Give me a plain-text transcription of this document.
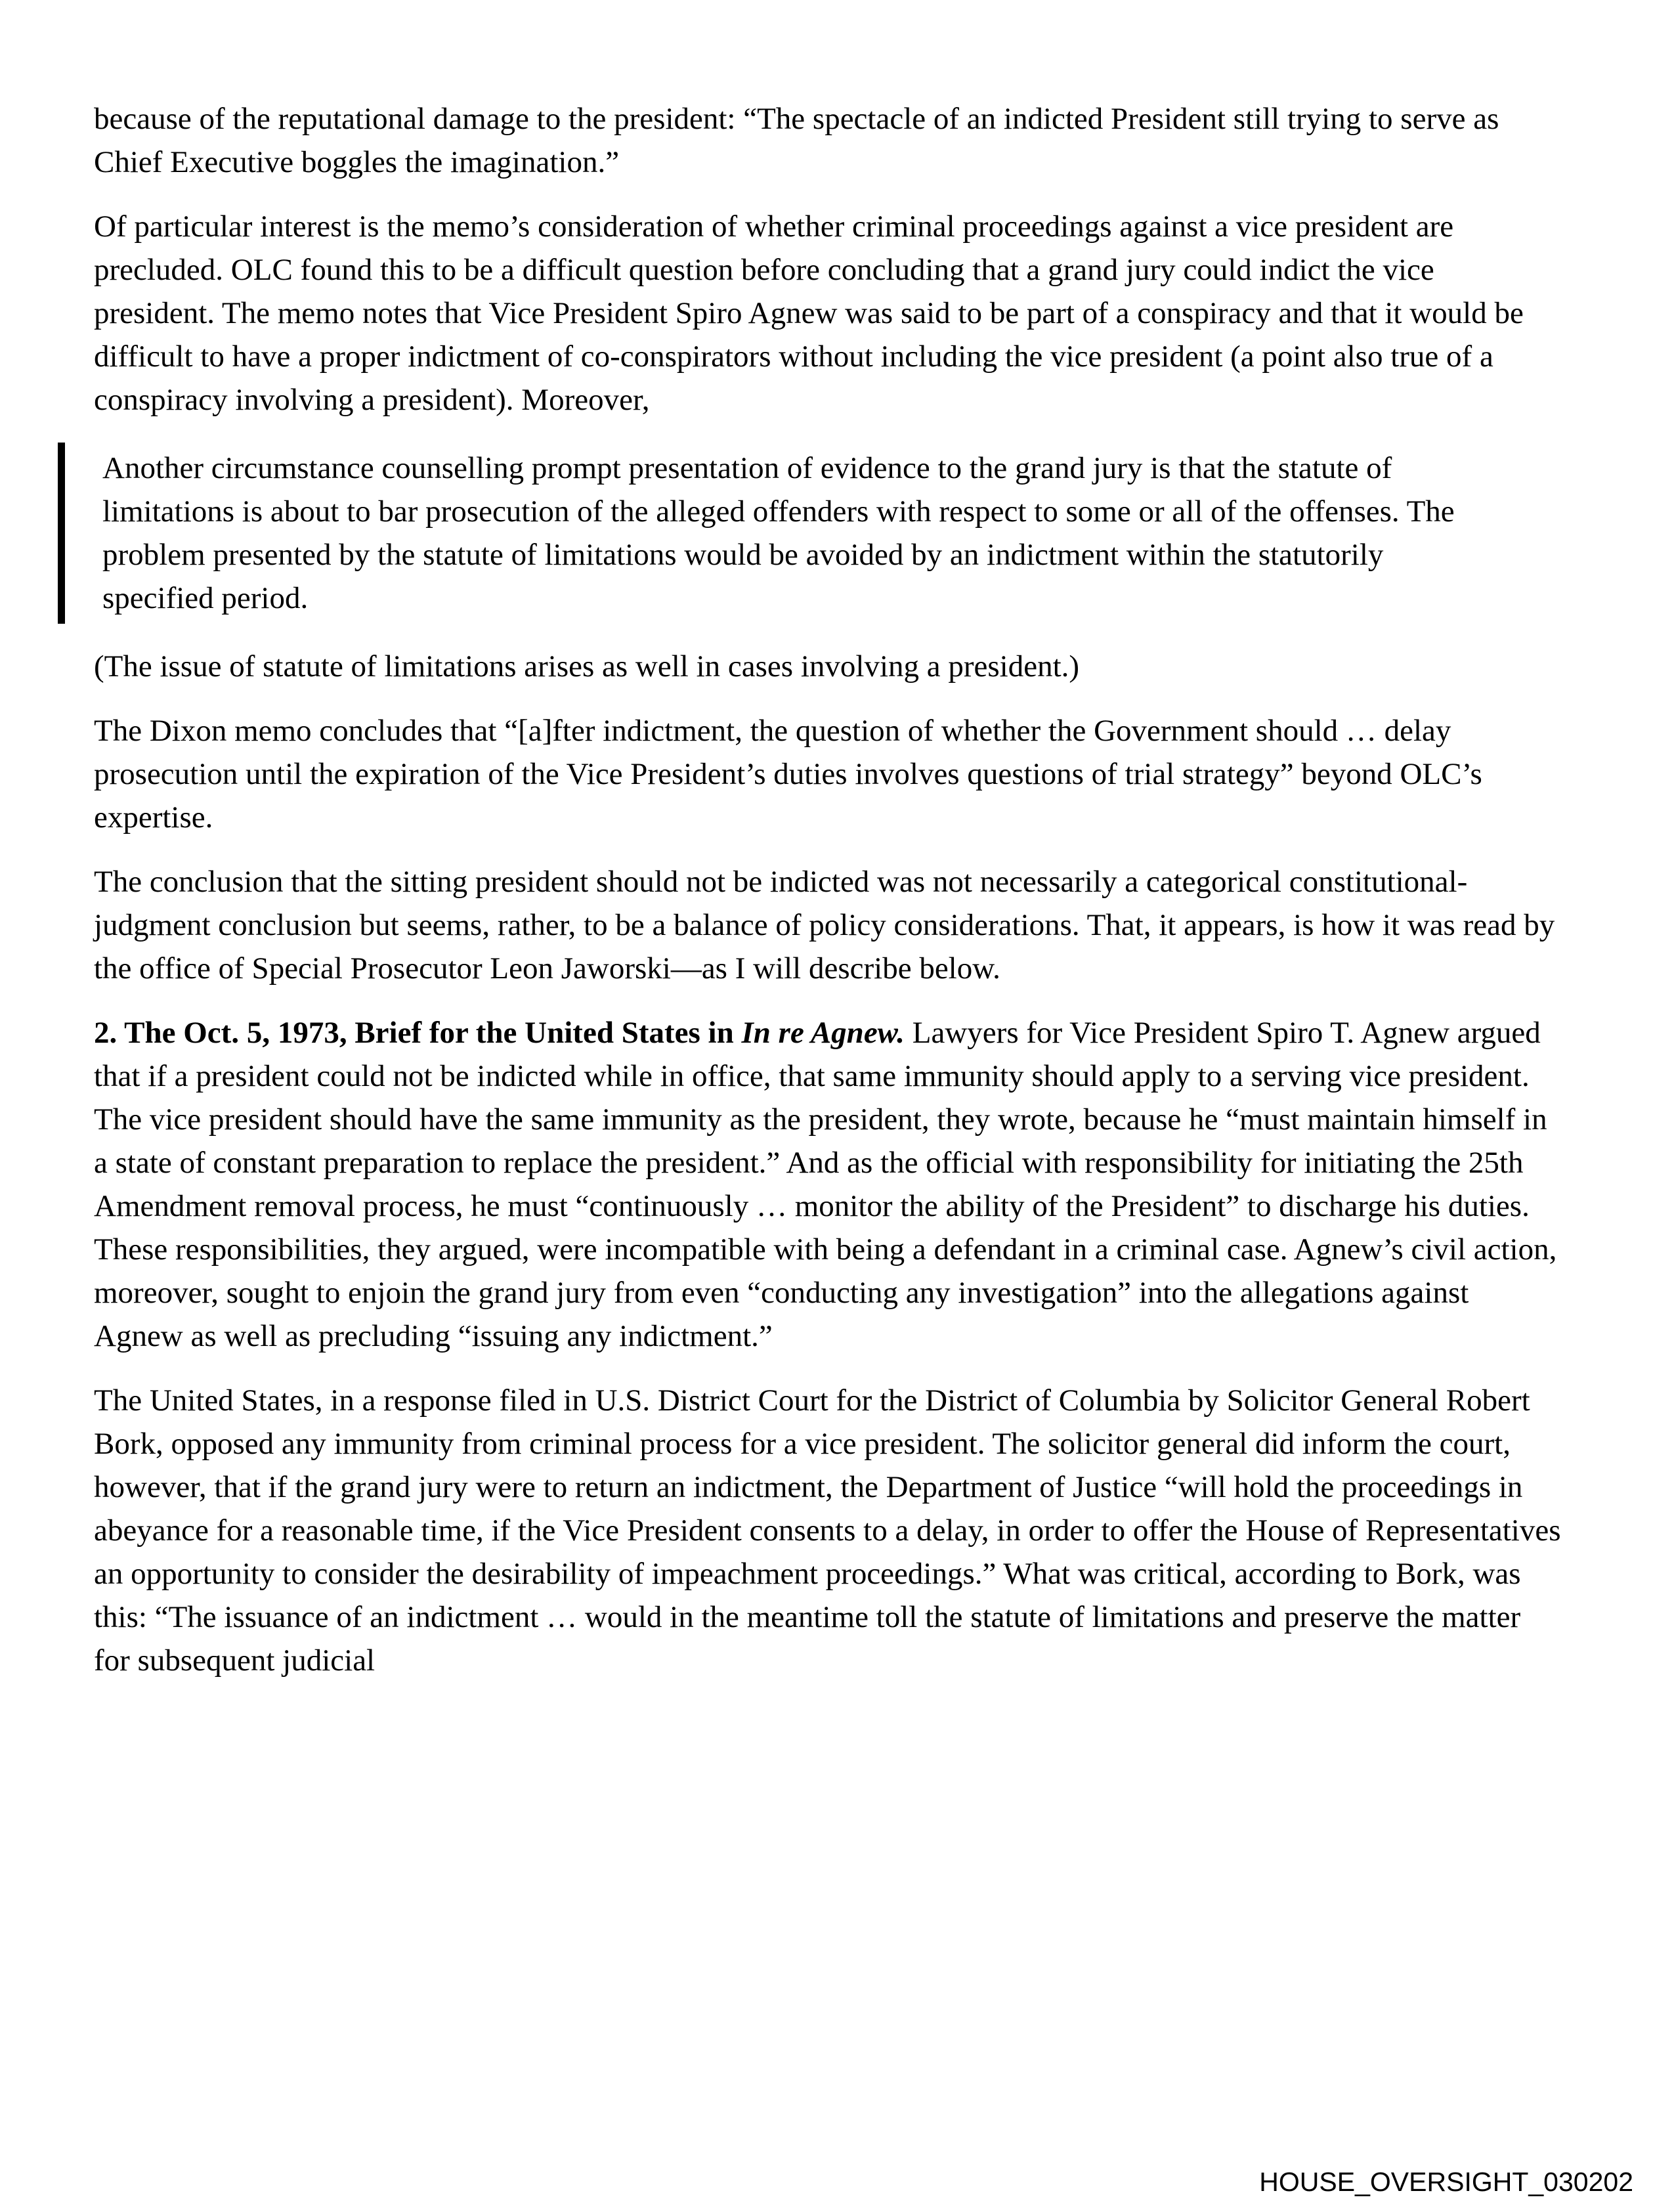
because of the reputational damage to the president: “The spectacle of an indicted President still trying to serve as Chief Executive boggles the imagination.”

Of particular interest is the memo’s consideration of whether criminal proceedings against a vice president are precluded. OLC found this to be a difficult question before concluding that a grand jury could indict the vice president. The memo notes that Vice President Spiro Agnew was said to be part of a conspiracy and that it would be difficult to have a proper indictment of co-conspirators without including the vice president (a point also true of a conspiracy involving a president). Moreover,

Another circumstance counselling prompt presentation of evidence to the grand jury is that the statute of limitations is about to bar prosecution of the alleged offenders with respect to some or all of the offenses. The problem presented by the statute of limitations would be avoided by an indictment within the statutorily specified period.

(The issue of statute of limitations arises as well in cases involving a president.)

The Dixon memo concludes that “[a]fter indictment, the question of whether the Government should … delay prosecution until the expiration of the Vice President’s duties involves questions of trial strategy” beyond OLC’s expertise.

The conclusion that the sitting president should not be indicted was not necessarily a categorical constitutional-judgment conclusion but seems, rather, to be a balance of policy considerations. That, it appears, is how it was read by the office of Special Prosecutor Leon Jaworski—as I will describe below.

2. The Oct. 5, 1973, Brief for the United States in In re Agnew. Lawyers for Vice President Spiro T. Agnew argued that if a president could not be indicted while in office, that same immunity should apply to a serving vice president. The vice president should have the same immunity as the president, they wrote, because he “must maintain himself in a state of constant preparation to replace the president.” And as the official with responsibility for initiating the 25th Amendment removal process, he must “continuously … monitor the ability of the President” to discharge his duties. These responsibilities, they argued, were incompatible with being a defendant in a criminal case. Agnew’s civil action, moreover, sought to enjoin the grand jury from even “conducting any investigation” into the allegations against Agnew as well as precluding “issuing any indictment.”

The United States, in a response filed in U.S. District Court for the District of Columbia by Solicitor General Robert Bork, opposed any immunity from criminal process for a vice president. The solicitor general did inform the court, however, that if the grand jury were to return an indictment, the Department of Justice “will hold the proceedings in abeyance for a reasonable time, if the Vice President consents to a delay, in order to offer the House of Representatives an opportunity to consider the desirability of impeachment proceedings.” What was critical, according to Bork, was this: “The issuance of an indictment … would in the meantime toll the statute of limitations and preserve the matter for subsequent judicial

HOUSE_OVERSIGHT_030202
